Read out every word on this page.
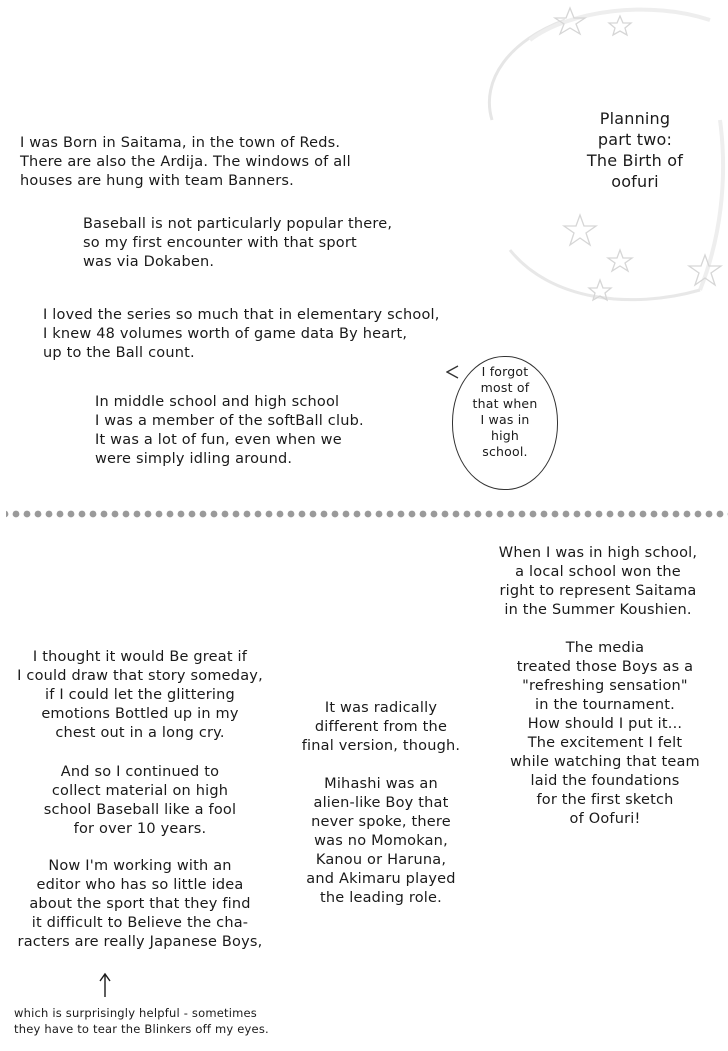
Planning
part two:
The Birth of
oofuri
I was Born in Saitama, in the town of Reds.
There are also the Ardija. The windows of all
houses are hung with team Banners.
Baseball is not particularly popular there,
so my first encounter with that sport
was via Dokaben.
I loved the series so much that in elementary school,
I knew 48 volumes worth of game data By heart,
up to the Ball count.
In middle school and high school
I was a member of the softBall club.
It was a lot of fun, even when we
were simply idling around.
I forgot
most of
that when
I was in
high
school.
When I was in high school,
a local school won the
right to represent Saitama
in the Summer Koushien.
The media
treated those Boys as a
"refreshing sensation"
in the tournament.
How should I put it...
The excitement I felt
while watching that team
laid the foundations
for the first sketch
of Oofuri!
I thought it would Be great if
I could draw that story someday,
if I could let the glittering
emotions Bottled up in my
chest out in a long cry.
And so I continued to
collect material on high
school Baseball like a fool
for over 10 years.
Now I'm working with an
editor who has so little idea
about the sport that they find
it difficult to Believe the cha-
racters are really Japanese Boys,
It was radically
different from the
final version, though.
Mihashi was an
alien-like Boy that
never spoke, there
was no Momokan,
Kanou or Haruna,
and Akimaru played
the leading role.
which is surprisingly helpful - sometimes
they have to tear the Blinkers off my eyes.
